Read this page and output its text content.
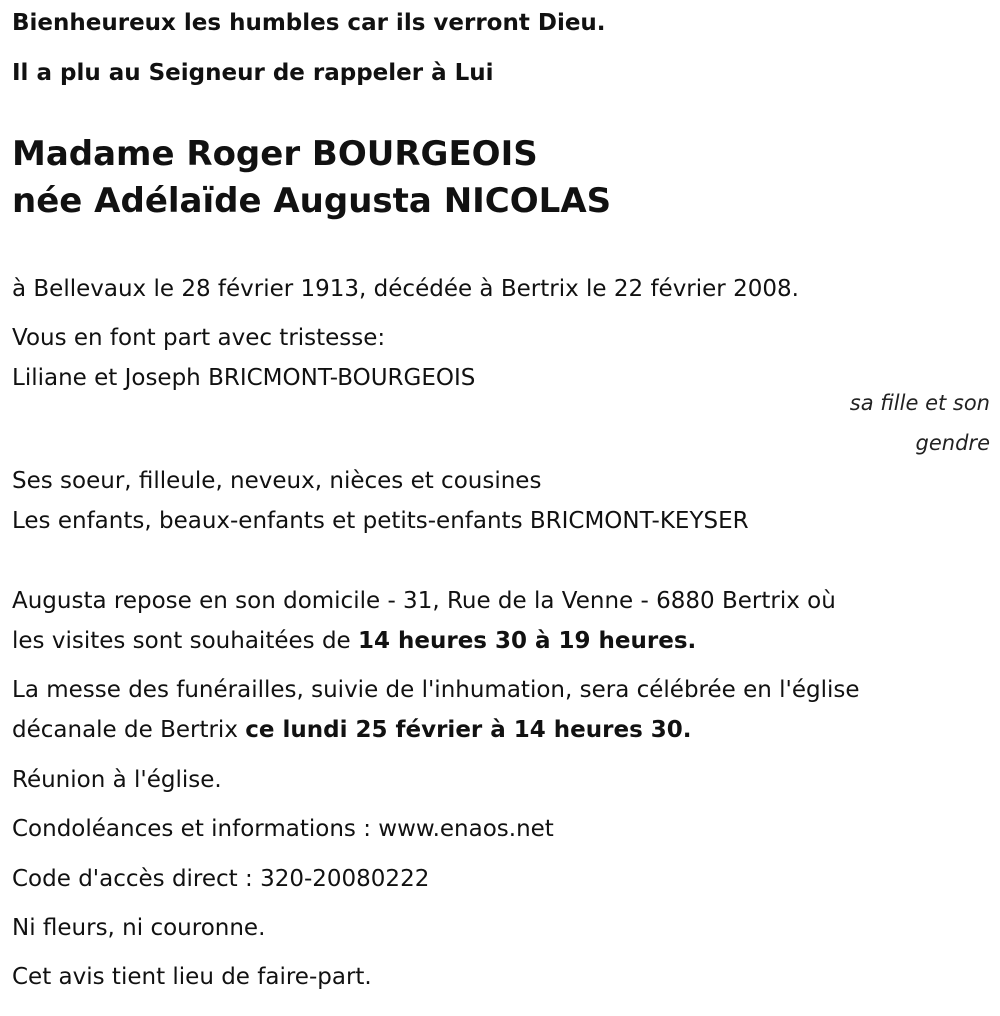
Bienheureux les humbles car ils verront Dieu.
Il a plu au Seigneur de rappeler à Lui
Madame Roger BOURGEOIS
née Adélaïde Augusta NICOLAS
à Bellevaux le 28 février 1913, décédée à Bertrix le 22 février 2008.
Vous en font part avec tristesse:
Liliane et Joseph BRICMONT-BOURGEOIS
sa fille et son
gendre
Ses soeur, filleule, neveux, nièces et cousines
Les enfants, beaux-enfants et petits-enfants BRICMONT-KEYSER
Augusta repose en son domicile - 31, Rue de la Venne - 6880 Bertrix où
les visites sont souhaitées de 14 heures 30 à 19 heures.
La messe des funérailles, suivie de l'inhumation, sera célébrée en l'église
décanale de Bertrix ce lundi 25 février à 14 heures 30.
Réunion à l'église.
Condoléances et informations : www.enaos.net
Code d'accès direct : 320-20080222
Ni fleurs, ni couronne.
Cet avis tient lieu de faire-part.
